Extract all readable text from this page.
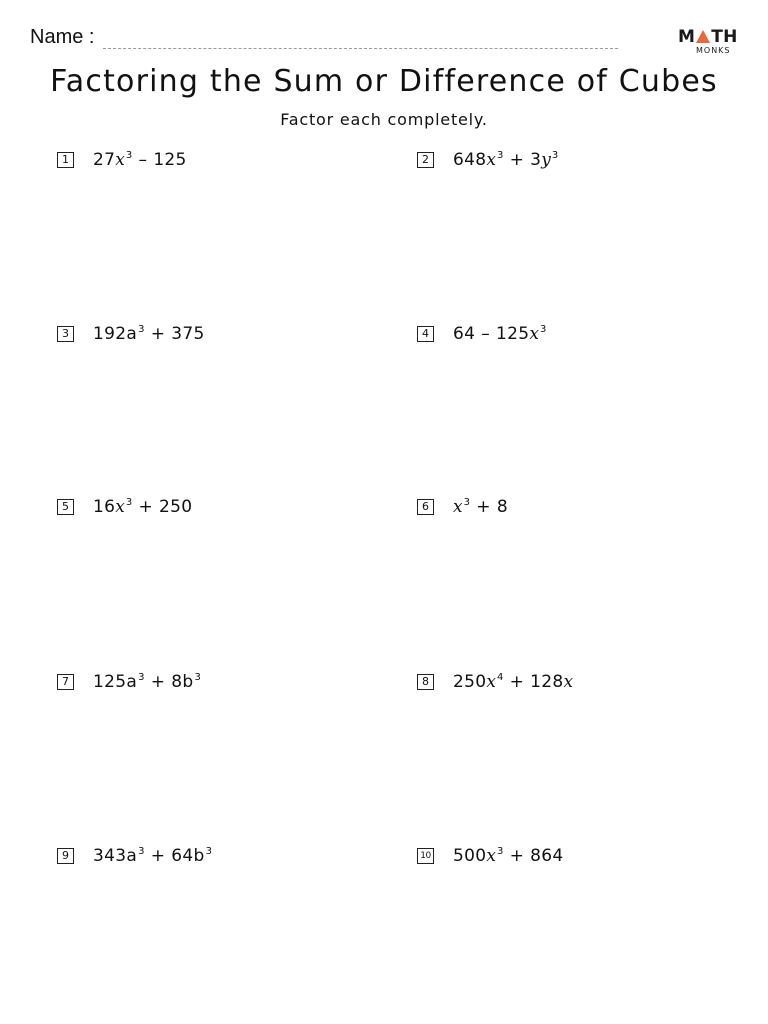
Name :	M TH
MONKS
Factoring the Sum or Difference of Cubes
Factor each completely.
1 $27x^3 - 125$	2 $648x^3 + 3y^3$
3 $192a^3 + 375$	4 $64 - 125x^3$
5 $16x^3 + 250$	6 $x^3 + 8$
7 $125a^3 + 8b^3$	8 $250x^4 + 128x$
9 $343a^3 + 64b^3$	10 $500x^3 + 864$
